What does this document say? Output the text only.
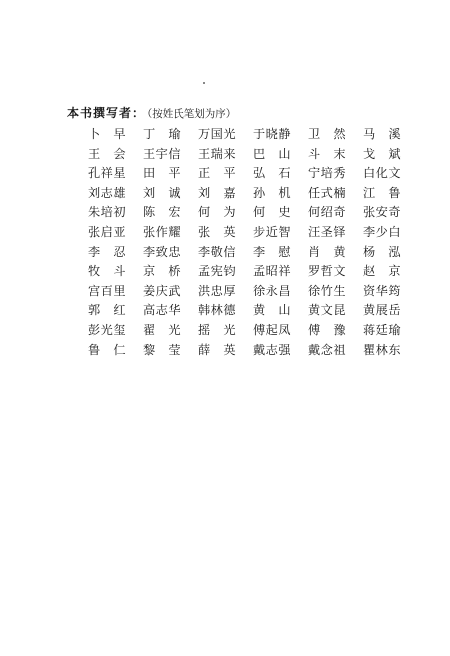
本书撰写者： （按姓氏笔划为序）
卜　早	丁　瑜	万国光	于晓静	卫　然	马　溪
王　会	王宇信	王瑞来	巴　山	斗　末	戈　斌
孔祥星	田　平	正　平	弘　石	宁培秀	白化文
刘志雄	刘　诚	刘　嘉	孙　机	任式楠	江　鲁
朱培初	陈　宏	何　为	何　史	何绍奇	张安奇
张启亚	张作耀	张　英	步近智	汪圣铎	李少白
李　忍	李致忠	李敬信	李　慰	肖　黄	杨　泓
牧　斗	京　桥	孟宪钧	孟昭祥	罗哲文	赵　京
宫百里	姜庆武	洪忠厚	徐永昌	徐竹生	资华筠
郭　红	高志华	韩林德	黄　山	黄文昆	黄展岳
彭光玺	翟　光	摇　光	傅起凤	傅　豫	蒋廷瑜
鲁　仁	黎　莹	薛　英	戴志强	戴念祖	瞿林东
